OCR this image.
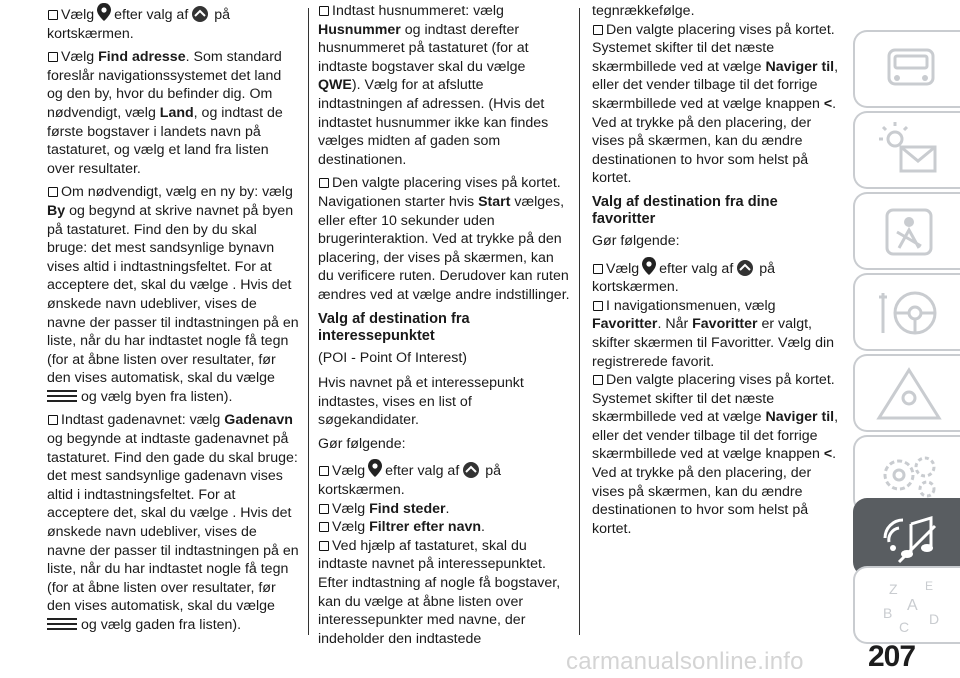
Vælg efter valg af på
kortskærmen.

Vælg Find adresse. Som standard foreslår navigationssystemet det land og den by, hvor du befinder dig. Om nødvendigt, vælg Land, og indtast de første bogstaver i landets navn på tastaturet, og vælg et land fra listen over resultater.

Om nødvendigt, vælg en ny by: vælg By og begynd at skrive navnet på byen på tastaturet. Find den by du skal bruge: det mest sandsynlige bynavn vises altid i indtastningsfeltet. For at acceptere det, skal du vælge . Hvis det ønskede navn udebliver, vises de navne der passer til indtastningen på en liste, når du har indtastet nogle få tegn (for at åbne listen over resultater, før den vises automatisk, skal du vælge
og vælg byen fra listen).

Indtast gadenavnet: vælg Gadenavn og begynde at indtaste gadenavnet på tastaturet. Find den gade du skal bruge: det mest sandsynlige gadenavn vises altid i indtastningsfeltet. For at acceptere det, skal du vælge . Hvis det ønskede navn udebliver, vises de navne der passer til indtastningen på en liste, når du har indtastet nogle få tegn (for at åbne listen over resultater, før den vises automatisk, skal du vælge
og vælg gaden fra listen).

Indtast husnummeret: vælg Husnummer og indtast derefter husnummeret på tastaturet (for at indtaste bogstaver skal du vælge QWE). Vælg for at afslutte indtastningen af adressen. (Hvis det indtastet husnummer ikke kan findes vælges midten af gaden som destinationen.

Den valgte placering vises på kortet. Navigationen starter hvis Start vælges, eller efter 10 sekunder uden brugerinteraktion. Ved at trykke på den placering, der vises på skærmen, kan du verificere ruten. Derudover kan ruten ændres ved at vælge andre indstillinger.

Valg af destination fra interessepunktet

(POI - Point Of Interest)

Hvis navnet på et interessepunkt indtastes, vises en list of søgekandidater.

Gør følgende:

Vælg efter valg af på
kortskærmen.

Vælg Find steder.

Vælg Filtrer efter navn.

Ved hjælp af tastaturet, skal du indtaste navnet på interessepunktet. Efter indtastning af nogle få bogstaver, kan du vælge at åbne listen over interessepunkter med navne, der indeholder den indtastede

tegnrækkefølge.

Den valgte placering vises på kortet. Systemet skifter til det næste skærmbillede ved at vælge Naviger til, eller det vender tilbage til det forrige skærmbillede ved at vælge knappen <. Ved at trykke på den placering, der vises på skærmen, kan du ændre destinationen to hvor som helst på kortet.

Valg af destination fra dine favoritter

Gør følgende:

Vælg efter valg af på
kortskærmen.

I navigationsmenuen, vælg Favoritter. Når Favoritter er valgt, skifter skærmen til Favoritter. Vælg din registrerede favorit.

Den valgte placering vises på kortet. Systemet skifter til det næste skærmbillede ved at vælge Naviger til, eller det vender tilbage til det forrige skærmbillede ved at vælge knappen <. Ved at trykke på den placering, der vises på skærmen, kan du ændre destinationen to hvor som helst på kortet.

Z E
A
B
C D
207
carmanualsonline.info
